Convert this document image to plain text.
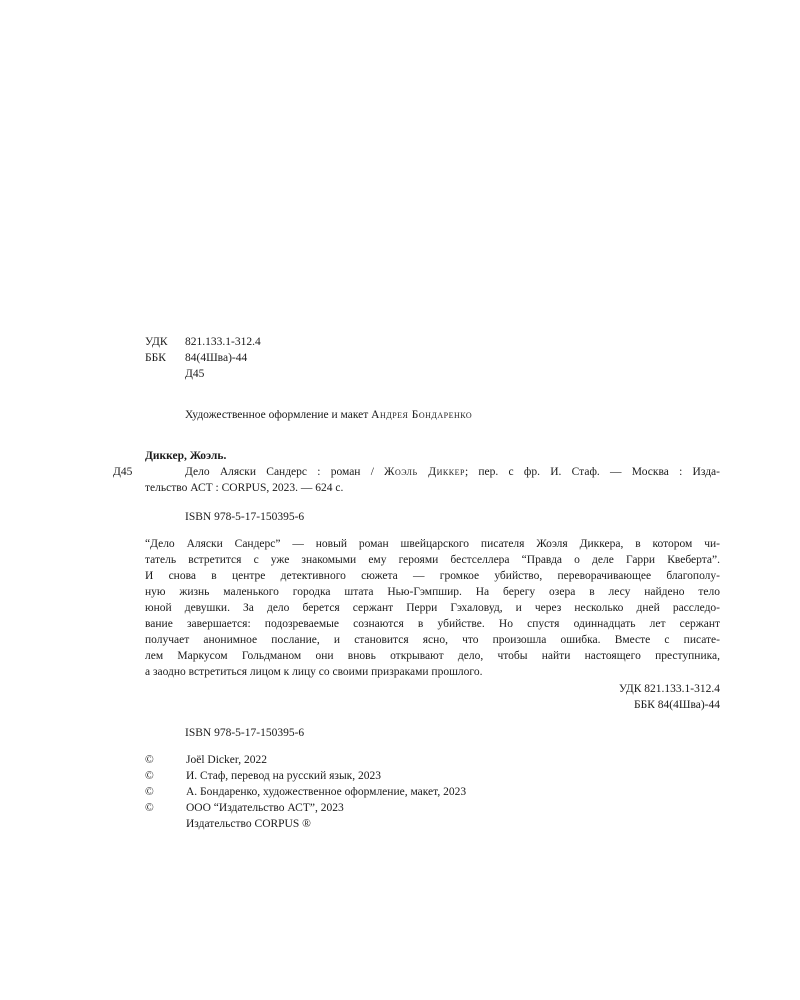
УДК 821.133.1-312.4
ББК 84(4Шва)-44
Д45
Художественное оформление и макет Андрея Бондаренко
Диккер, Жоэль.
Д45	Дело Аляски Сандерс : роман / Жоэль Диккер; пер. с фр. И. Стаф. — Москва : Изда-
тельство АСТ : CORPUS, 2023. — 624 с.
ISBN 978-5-17-150395-6
“Дело Аляски Сандерс” — новый роман швейцарского писателя Жоэля Диккера, в котором чи-
татель встретится с уже знакомыми ему героями бестселлера “Правда о деле Гарри Квеберта”.
И снова в центре детективного сюжета — громкое убийство, переворачивающее благополу-
ную жизнь маленького городка штата Нью-Гэмпшир. На берегу озера в лесу найдено тело
юной девушки. За дело берется сержант Перри Гэхаловуд, и через несколько дней расследо-
вание завершается: подозреваемые сознаются в убийстве. Но спустя одиннадцать лет сержант
получает анонимное послание, и становится ясно, что произошла ошибка. Вместе с писате-
лем Маркусом Гольдманом они вновь открывают дело, чтобы найти настоящего преступника,
а заодно встретиться лицом к лицу со своими призраками прошлого.
УДК 821.133.1-312.4
ББК 84(4Шва)-44
ISBN 978-5-17-150395-6
©	Joël Dicker, 2022
©	И. Стаф, перевод на русский язык, 2023
©	А. Бондаренко, художественное оформление, макет, 2023
©	ООО “Издательство АСТ”, 2023
Издательство CORPUS ®
